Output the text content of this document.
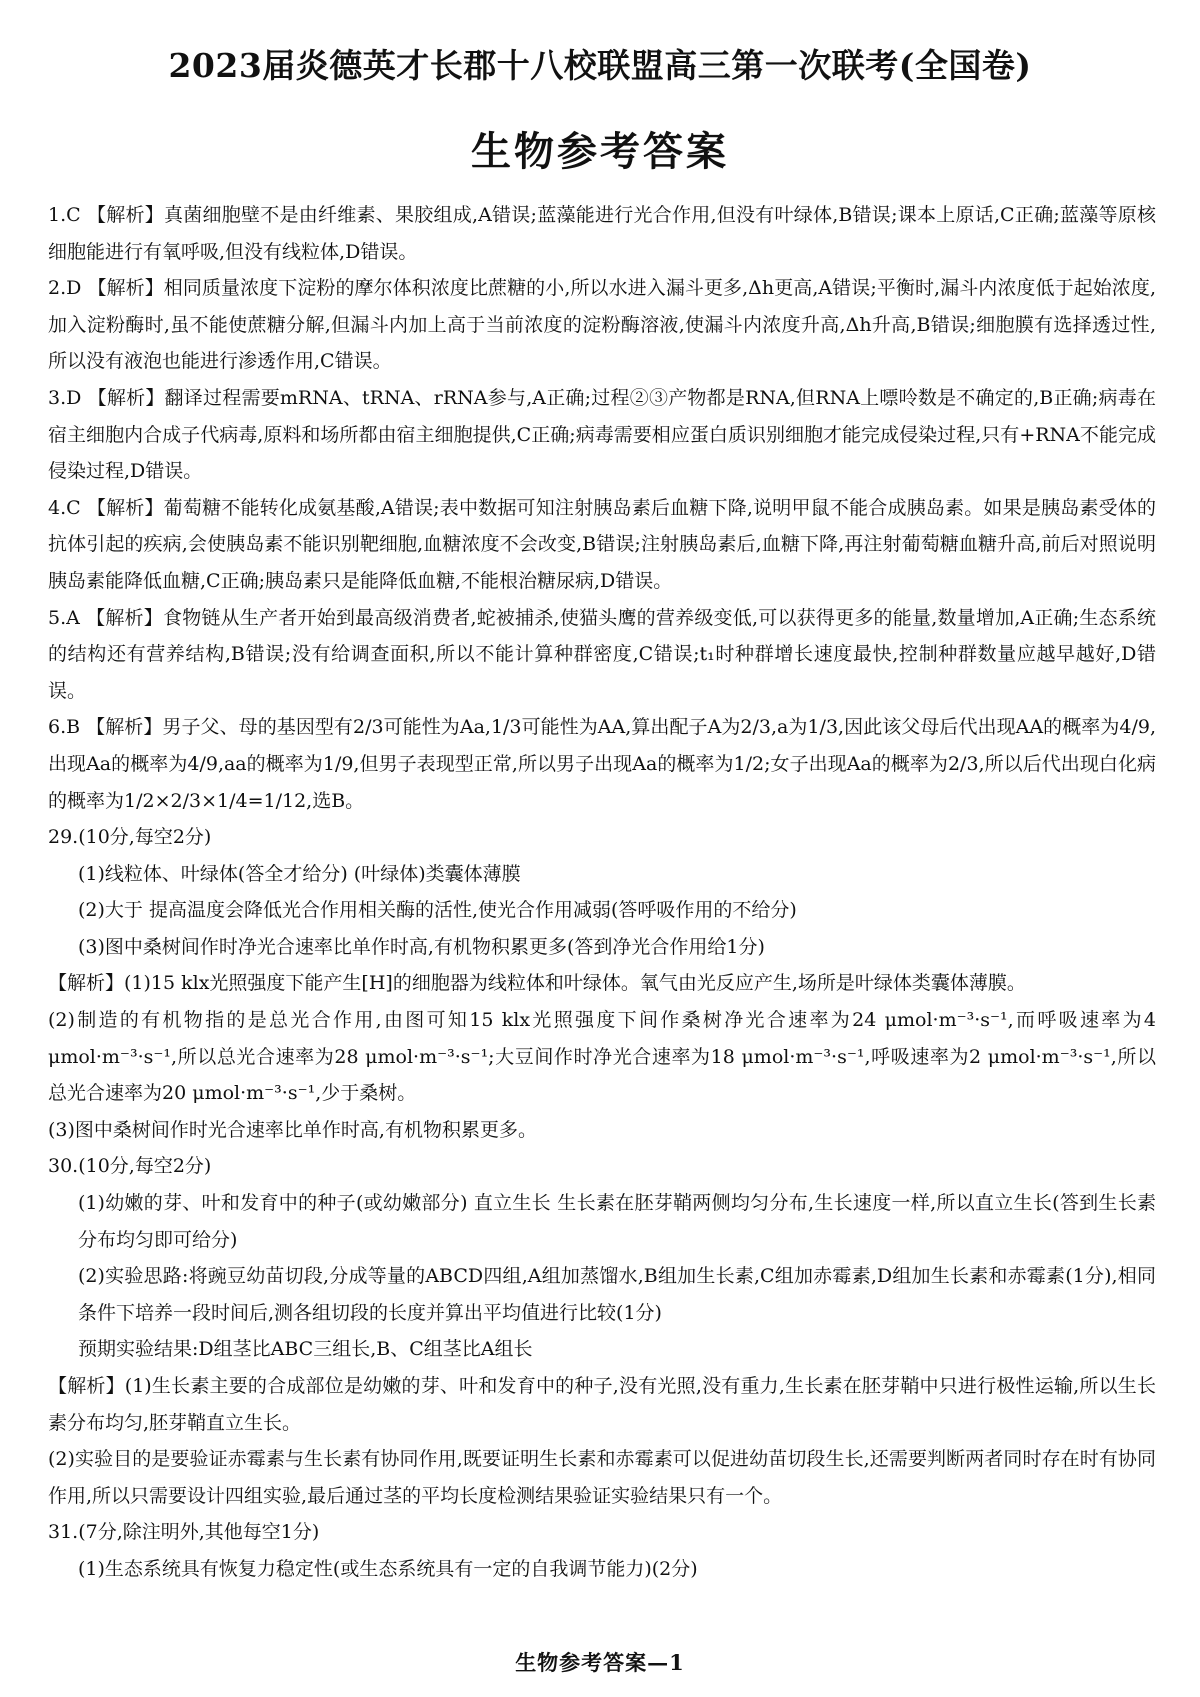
2023届炎德英才长郡十八校联盟高三第一次联考(全国卷)
生物参考答案

1.C 【解析】真菌细胞壁不是由纤维素、果胶组成,A错误;蓝藻能进行光合作用,但没有叶绿体,B错误;课本上原话,C正确;蓝藻等原核细胞能进行有氧呼吸,但没有线粒体,D错误。

2.D 【解析】相同质量浓度下淀粉的摩尔体积浓度比蔗糖的小,所以水进入漏斗更多,Δh更高,A错误;平衡时,漏斗内浓度低于起始浓度,加入淀粉酶时,虽不能使蔗糖分解,但漏斗内加上高于当前浓度的淀粉酶溶液,使漏斗内浓度升高,Δh升高,B错误;细胞膜有选择透过性,所以没有液泡也能进行渗透作用,C错误。

3.D 【解析】翻译过程需要mRNA、tRNA、rRNA参与,A正确;过程②③产物都是RNA,但RNA上嘌呤数是不确定的,B正确;病毒在宿主细胞内合成子代病毒,原料和场所都由宿主细胞提供,C正确;病毒需要相应蛋白质识别细胞才能完成侵染过程,只有+RNA不能完成侵染过程,D错误。

4.C 【解析】葡萄糖不能转化成氨基酸,A错误;表中数据可知注射胰岛素后血糖下降,说明甲鼠不能合成胰岛素。如果是胰岛素受体的抗体引起的疾病,会使胰岛素不能识别靶细胞,血糖浓度不会改变,B错误;注射胰岛素后,血糖下降,再注射葡萄糖血糖升高,前后对照说明胰岛素能降低血糖,C正确;胰岛素只是能降低血糖,不能根治糖尿病,D错误。

5.A 【解析】食物链从生产者开始到最高级消费者,蛇被捕杀,使猫头鹰的营养级变低,可以获得更多的能量,数量增加,A正确;生态系统的结构还有营养结构,B错误;没有给调查面积,所以不能计算种群密度,C错误;t₁时种群增长速度最快,控制种群数量应越早越好,D错误。

6.B 【解析】男子父、母的基因型有2/3可能性为Aa,1/3可能性为AA,算出配子A为2/3,a为1/3,因此该父母后代出现AA的概率为4/9,出现Aa的概率为4/9,aa的概率为1/9,但男子表现型正常,所以男子出现Aa的概率为1/2;女子出现Aa的概率为2/3,所以后代出现白化病的概率为1/2×2/3×1/4=1/12,选B。

29.(10分,每空2分)

(1)线粒体、叶绿体(答全才给分) (叶绿体)类囊体薄膜

(2)大于 提高温度会降低光合作用相关酶的活性,使光合作用减弱(答呼吸作用的不给分)

(3)图中桑树间作时净光合速率比单作时高,有机物积累更多(答到净光合作用给1分)

【解析】(1)15 klx光照强度下能产生[H]的细胞器为线粒体和叶绿体。氧气由光反应产生,场所是叶绿体类囊体薄膜。

(2)制造的有机物指的是总光合作用,由图可知15 klx光照强度下间作桑树净光合速率为24 μmol·m⁻³·s⁻¹,而呼吸速率为4 μmol·m⁻³·s⁻¹,所以总光合速率为28 μmol·m⁻³·s⁻¹;大豆间作时净光合速率为18 μmol·m⁻³·s⁻¹,呼吸速率为2 μmol·m⁻³·s⁻¹,所以总光合速率为20 μmol·m⁻³·s⁻¹,少于桑树。

(3)图中桑树间作时光合速率比单作时高,有机物积累更多。

30.(10分,每空2分)

(1)幼嫩的芽、叶和发育中的种子(或幼嫩部分) 直立生长 生长素在胚芽鞘两侧均匀分布,生长速度一样,所以直立生长(答到生长素分布均匀即可给分)

(2)实验思路:将豌豆幼苗切段,分成等量的ABCD四组,A组加蒸馏水,B组加生长素,C组加赤霉素,D组加生长素和赤霉素(1分),相同条件下培养一段时间后,测各组切段的长度并算出平均值进行比较(1分)

预期实验结果:D组茎比ABC三组长,B、C组茎比A组长

【解析】(1)生长素主要的合成部位是幼嫩的芽、叶和发育中的种子,没有光照,没有重力,生长素在胚芽鞘中只进行极性运输,所以生长素分布均匀,胚芽鞘直立生长。

(2)实验目的是要验证赤霉素与生长素有协同作用,既要证明生长素和赤霉素可以促进幼苗切段生长,还需要判断两者同时存在时有协同作用,所以只需要设计四组实验,最后通过茎的平均长度检测结果验证实验结果只有一个。

31.(7分,除注明外,其他每空1分)

(1)生态系统具有恢复力稳定性(或生态系统具有一定的自我调节能力)(2分)

生物参考答案—1
